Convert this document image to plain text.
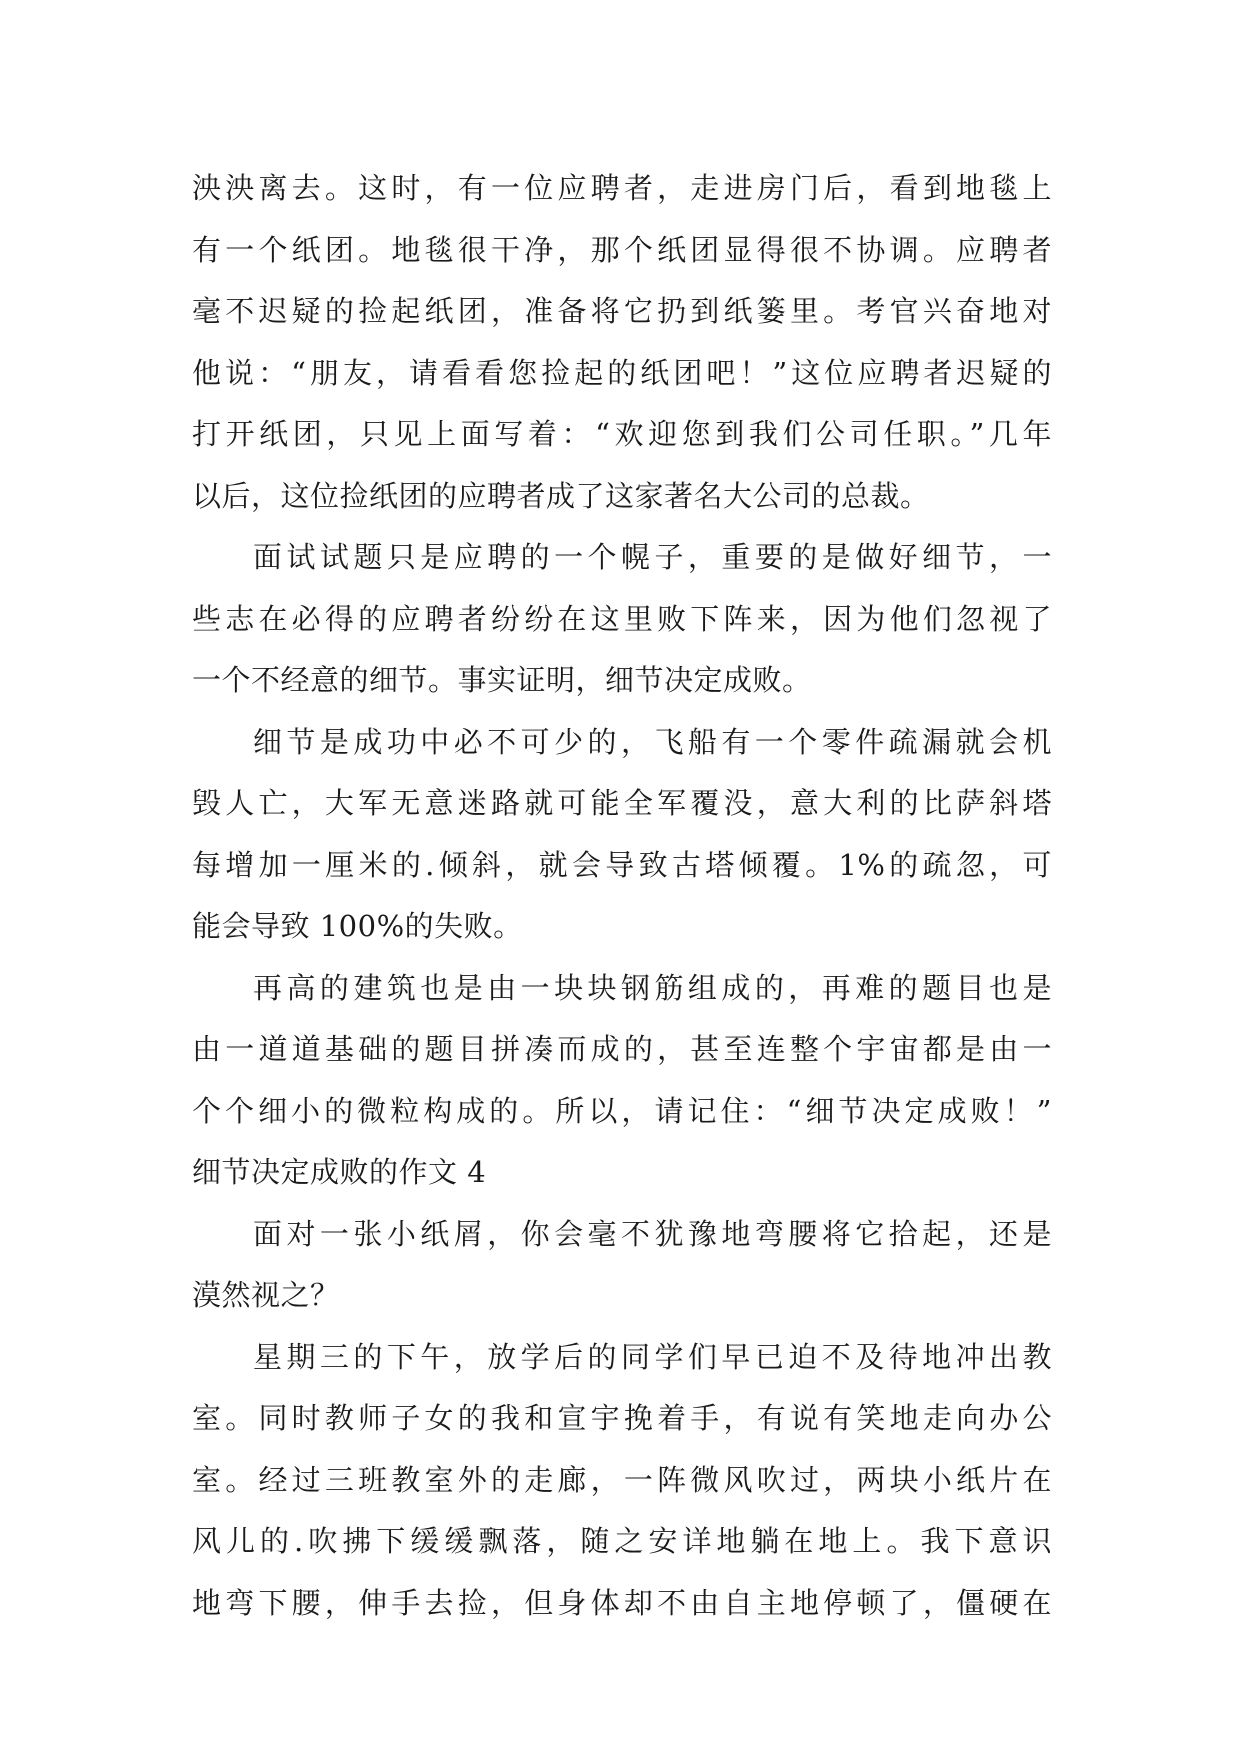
泱泱离去。这时，有一位应聘者，走进房门后，看到地毯上
有一个纸团。地毯很干净，那个纸团显得很不协调。应聘者
毫不迟疑的捡起纸团，准备将它扔到纸篓里。考官兴奋地对
他说：“朋友，请看看您捡起的纸团吧！”这位应聘者迟疑的
打开纸团，只见上面写着：“欢迎您到我们公司任职。”几年
以后，这位捡纸团的应聘者成了这家著名大公司的总裁。
面试试题只是应聘的一个幌子，重要的是做好细节，一
些志在必得的应聘者纷纷在这里败下阵来，因为他们忽视了
一个不经意的细节。事实证明，细节决定成败。
细节是成功中必不可少的，飞船有一个零件疏漏就会机
毁人亡，大军无意迷路就可能全军覆没，意大利的比萨斜塔
每增加一厘米的.倾斜，就会导致古塔倾覆。1%的疏忽，可
能会导致 100%的失败。
再高的建筑也是由一块块钢筋组成的，再难的题目也是
由一道道基础的题目拼凑而成的，甚至连整个宇宙都是由一
个个细小的微粒构成的。所以，请记住：“细节决定成败！”
细节决定成败的作文 4
面对一张小纸屑，你会毫不犹豫地弯腰将它拾起，还是
漠然视之？
星期三的下午，放学后的同学们早已迫不及待地冲出教
室。同时教师子女的我和宣宇挽着手，有说有笑地走向办公
室。经过三班教室外的走廊，一阵微风吹过，两块小纸片在
风儿的.吹拂下缓缓飘落，随之安详地躺在地上。我下意识
地弯下腰，伸手去捡，但身体却不由自主地停顿了，僵硬在
